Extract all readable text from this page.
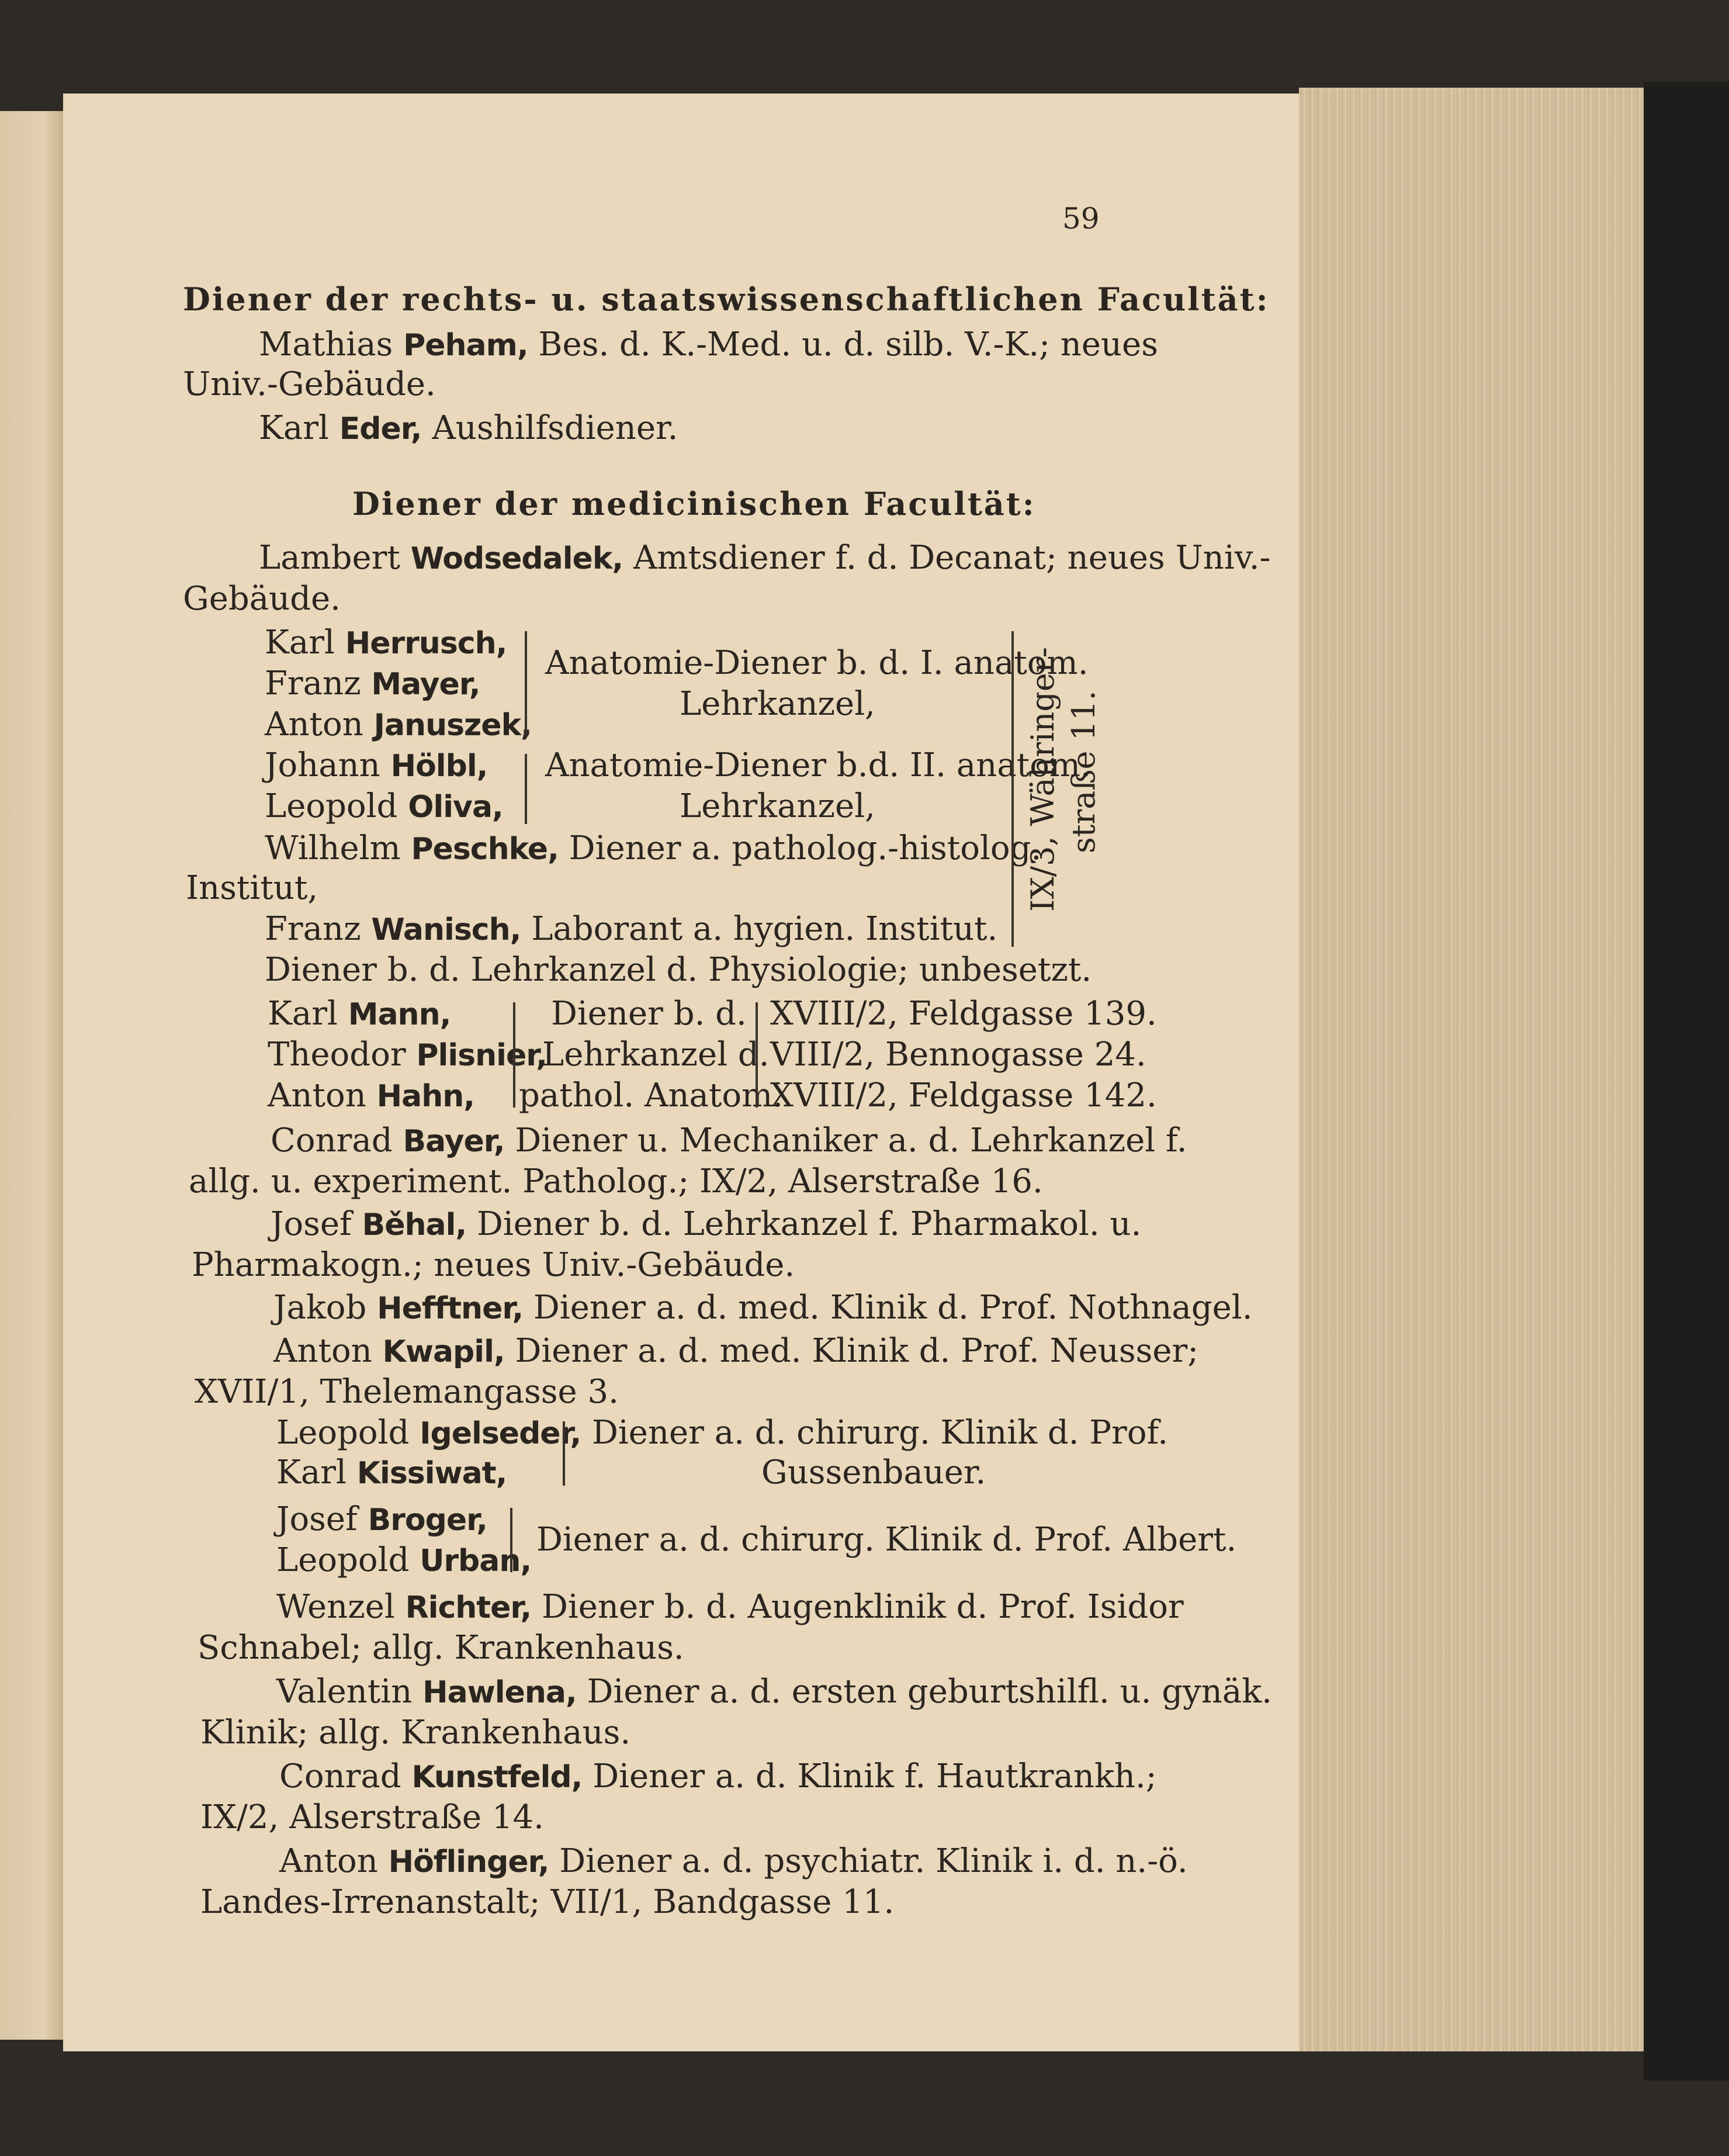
59
Diener der rechts- u. staatswissenschaftlichen Facultät:
Mathias Peham, Bes. d. K.-Med. u. d. silb. V.-K.; neues
Univ.-Gebäude.
Karl Eder, Aushilfsdiener.
Diener der medicinischen Facultät:
Lambert Wodsedalek, Amtsdiener f. d. Decanat; neues Univ.-
Gebäude.
Karl Herrusch,
Franz Mayer,
Anton Januszek,
Anatomie-Diener b. d. I. anatom.
Lehrkanzel,
Johann Hölbl,
Leopold Oliva,
Anatomie-Diener b.d. II. anatom.
Lehrkanzel,
Wilhelm Peschke, Diener a. patholog.-histolog.
Institut,
Franz Wanisch, Laborant a. hygien. Institut.
IX/3, Währinger- straße 11.
Diener b. d. Lehrkanzel d. Physiologie; unbesetzt.
Karl Mann,
Theodor Plisnier,
Anton Hahn,
Diener b. d.
Lehrkanzel d.
pathol. Anatom.
XVIII/2, Feldgasse 139.
VIII/2, Bennogasse 24.
XVIII/2, Feldgasse 142.
Conrad Bayer, Diener u. Mechaniker a. d. Lehrkanzel f.
allg. u. experiment. Patholog.; IX/2, Alserstraße 16.
Josef Běhal, Diener b. d. Lehrkanzel f. Pharmakol. u.
Pharmakogn.; neues Univ.-Gebäude.
Jakob Hefftner, Diener a. d. med. Klinik d. Prof. Nothnagel.
Anton Kwapil, Diener a. d. med. Klinik d. Prof. Neusser;
XVII/1, Thelemangasse 3.
Leopold Igelseder,
Karl Kissiwat,
Diener a. d. chirurg. Klinik d. Prof.
Gussenbauer.
Josef Broger,
Leopold Urban,
Diener a. d. chirurg. Klinik d. Prof. Albert.
Wenzel Richter, Diener b. d. Augenklinik d. Prof. Isidor
Schnabel; allg. Krankenhaus.
Valentin Hawlena, Diener a. d. ersten geburtshilfl. u. gynäk.
Klinik; allg. Krankenhaus.
Conrad Kunstfeld, Diener a. d. Klinik f. Hautkrankh.;
IX/2, Alserstraße 14.
Anton Höflinger, Diener a. d. psychiatr. Klinik i. d. n.-ö.
Landes-Irrenanstalt; VII/1, Bandgasse 11.
